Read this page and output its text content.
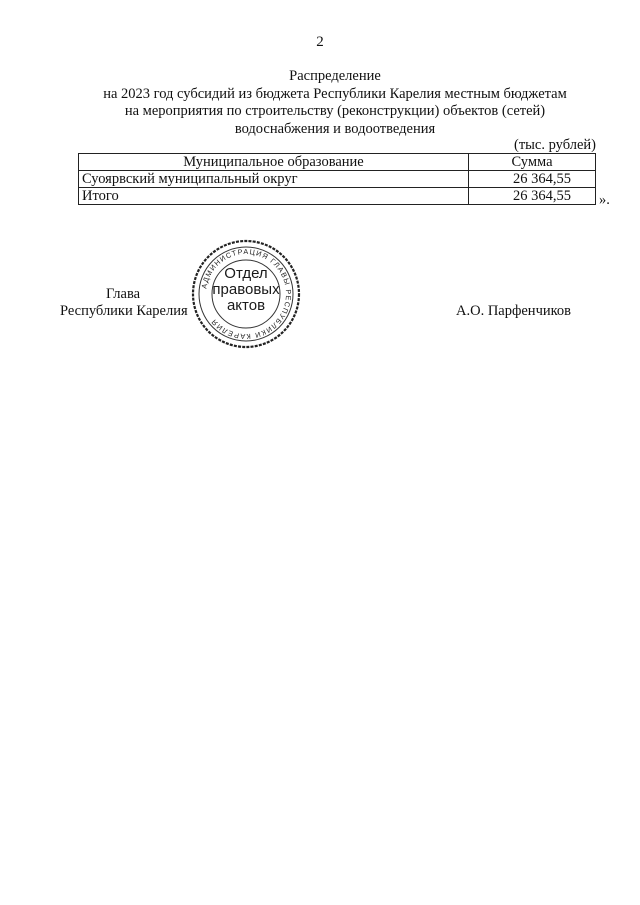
2
Распределение
на 2023 год субсидий из бюджета Республики Карелия местным бюджетам
на мероприятия по строительству (реконструкции) объектов (сетей)
водоснабжения и водоотведения
(тыс. рублей)
Муниципальное образование	Сумма
Суоярвский муниципальный округ	26 364,55
Итого	26 364,55 ».
Глава
Республики Карелия	А.О. Парфенчиков
АДМИНИСТРАЦИЯ ГЛАВЫ РЕСПУБЛИКИ КАРЕЛИЯ
Отдел
правовых
актов
